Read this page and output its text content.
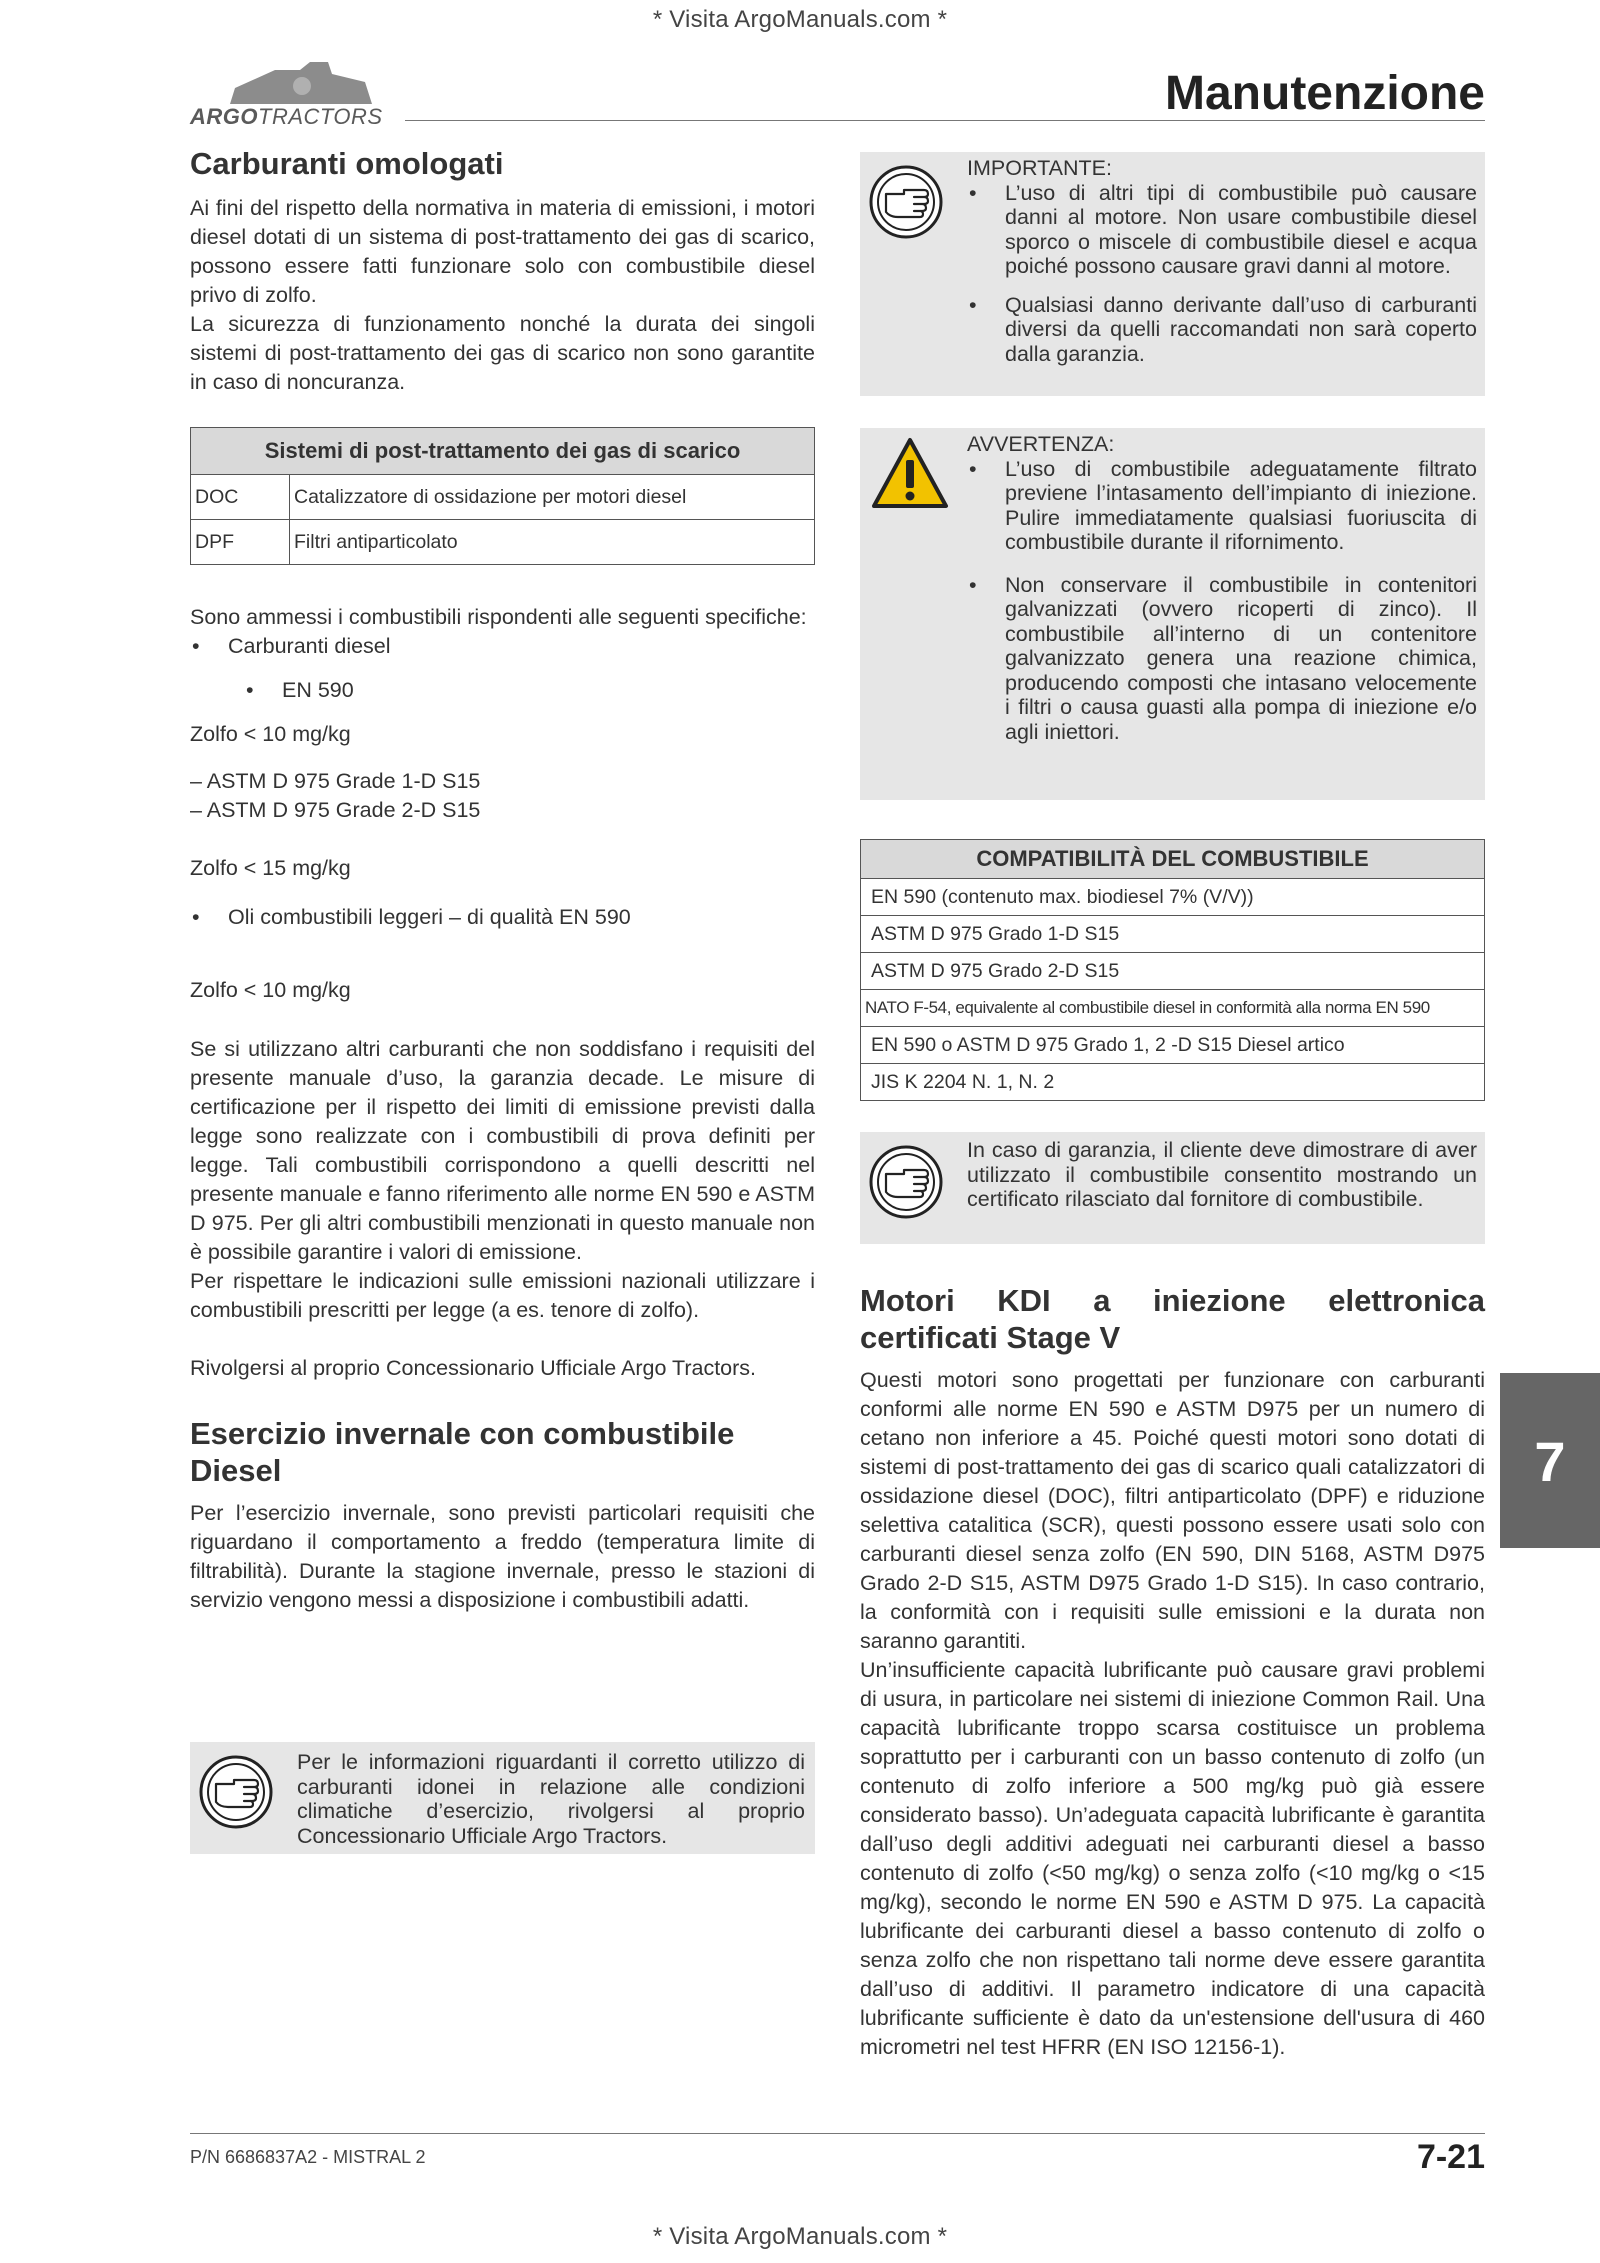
* Visita ArgoManuals.com *
ARGOTRACTORS	Manutenzione
Carburanti omologati

Ai fini del rispetto della normativa in materia di emissioni, i motori diesel dotati di un sistema di post-trattamento dei gas di scarico, possono essere fatti funzionare solo con combustibile diesel privo di zolfo.

La sicurezza di funzionamento nonché la durata dei singoli sistemi di post-trattamento dei gas di scarico non sono garantite in caso di noncuranza.

Sistemi di post-trattamento dei gas di scarico	
DOC	Catalizzatore di ossidazione per motori diesel
DPF	Filtri antiparticolato

Sono ammessi i combustibili rispondenti alle seguenti specifiche:

• Carburanti diesel
• EN 590

Zolfo < 10 mg/kg

– ASTM D 975 Grade 1-D S15

– ASTM D 975 Grade 2-D S15

Zolfo < 15 mg/kg

• Oli combustibili leggeri – di qualità EN 590

Zolfo < 10 mg/kg

Se si utilizzano altri carburanti che non soddisfano i requisiti del presente manuale d’uso, la garanzia decade. Le misure di certificazione per il rispetto dei limiti di emissione previsti dalla legge sono realizzate con i combustibili di prova definiti per legge. Tali combustibili corrispondono a quelli descritti nel presente manuale e fanno riferimento alle norme EN 590 e ASTM D 975. Per gli altri combustibili menzionati in questo manuale non è possibile garantire i valori di emissione.

Per rispettare le indicazioni sulle emissioni nazionali utilizzare i combustibili prescritti per legge (a es. tenore di zolfo).

Rivolgersi al proprio Concessionario Ufficiale Argo Tractors.

Esercizio invernale con combustibile Diesel

Per l’esercizio invernale, sono previsti particolari requisiti che riguardano il comportamento a freddo (temperatura limite di filtrabilità). Durante la stagione invernale, presso le stazioni di servizio vengono messi a disposizione i combustibili adatti.

Per le informazioni riguardanti il corretto utilizzo di carburanti idonei in relazione alle condizioni climatiche d’esercizio, rivolgersi al proprio Concessionario Ufficiale Argo Tractors.
IMPORTANTE:
• L’uso di altri tipi di combustibile può causare danni al motore. Non usare combustibile diesel sporco o miscele di combustibile diesel e acqua poiché possono causare gravi danni al motore.
• Qualsiasi danno derivante dall’uso di carburanti diversi da quelli raccomandati non sarà coperto dalla garanzia.
AVVERTENZA:
• L’uso di combustibile adeguatamente filtrato previene l’intasamento dell’impianto di iniezione. Pulire immediatamente qualsiasi fuoriuscita di combustibile durante il rifornimento.
• Non conservare il combustibile in contenitori galvanizzati (ovvero ricoperti di zinco). Il combustibile all’interno di un contenitore galvanizzato genera una reazione chimica, producendo composti che intasano velocemente i filtri o causa guasti alla pompa di iniezione e/o agli iniettori.
COMPATIBILITÀ DEL COMBUSTIBILE
EN 590 (contenuto max. biodiesel 7% (V/V))
ASTM D 975 Grado 1-D S15
ASTM D 975 Grado 2-D S15
NATO F-54, equivalente al combustibile diesel in conformità alla norma EN 590
EN 590 o ASTM D 975 Grado 1, 2 -D S15 Diesel artico
JIS K 2204 N. 1, N. 2
In caso di garanzia, il cliente deve dimostrare di aver utilizzato il combustibile consentito mostrando un certificato rilasciato dal fornitore di combustibile.
Motori KDI a iniezione elettronica certificati Stage V

Questi motori sono progettati per funzionare con carburanti conformi alle norme EN 590 e ASTM D975 per un numero di cetano non inferiore a 45. Poiché questi motori sono dotati di sistemi di post-trattamento dei gas di scarico quali catalizzatori di ossidazione diesel (DOC), filtri antiparticolato (DPF) e riduzione selettiva catalitica (SCR), questi possono essere usati solo con carburanti diesel senza zolfo (EN 590, DIN 5168, ASTM D975 Grado 2-D S15, ASTM D975 Grado 1-D S15). In caso contrario, la conformità con i requisiti sulle emissioni e la durata non saranno garantiti.

Un’insufficiente capacità lubrificante può causare gravi problemi di usura, in particolare nei sistemi di iniezione Common Rail. Una capacità lubrificante troppo scarsa costituisce un problema soprattutto per i carburanti con un basso contenuto di zolfo (un contenuto di zolfo inferiore a 500 mg/kg può già essere considerato basso). Un’adeguata capacità lubrificante è garantita dall’uso degli additivi adeguati nei carburanti diesel a basso contenuto di zolfo (<50 mg/kg) o senza zolfo (<10 mg/kg o <15 mg/kg), secondo le norme EN 590 e ASTM D 975. La capacità lubrificante dei carburanti diesel a basso contenuto di zolfo o senza zolfo che non rispettano tali norme deve essere garantita dall’uso di additivi. Il parametro indicatore di una capacità lubrificante sufficiente è dato da un'estensione dell'usura di 460 micrometri nel test HFRR (EN ISO 12156-1).

7
P/N 6686837A2 - MISTRAL 2	7-21
* Visita ArgoManuals.com *
